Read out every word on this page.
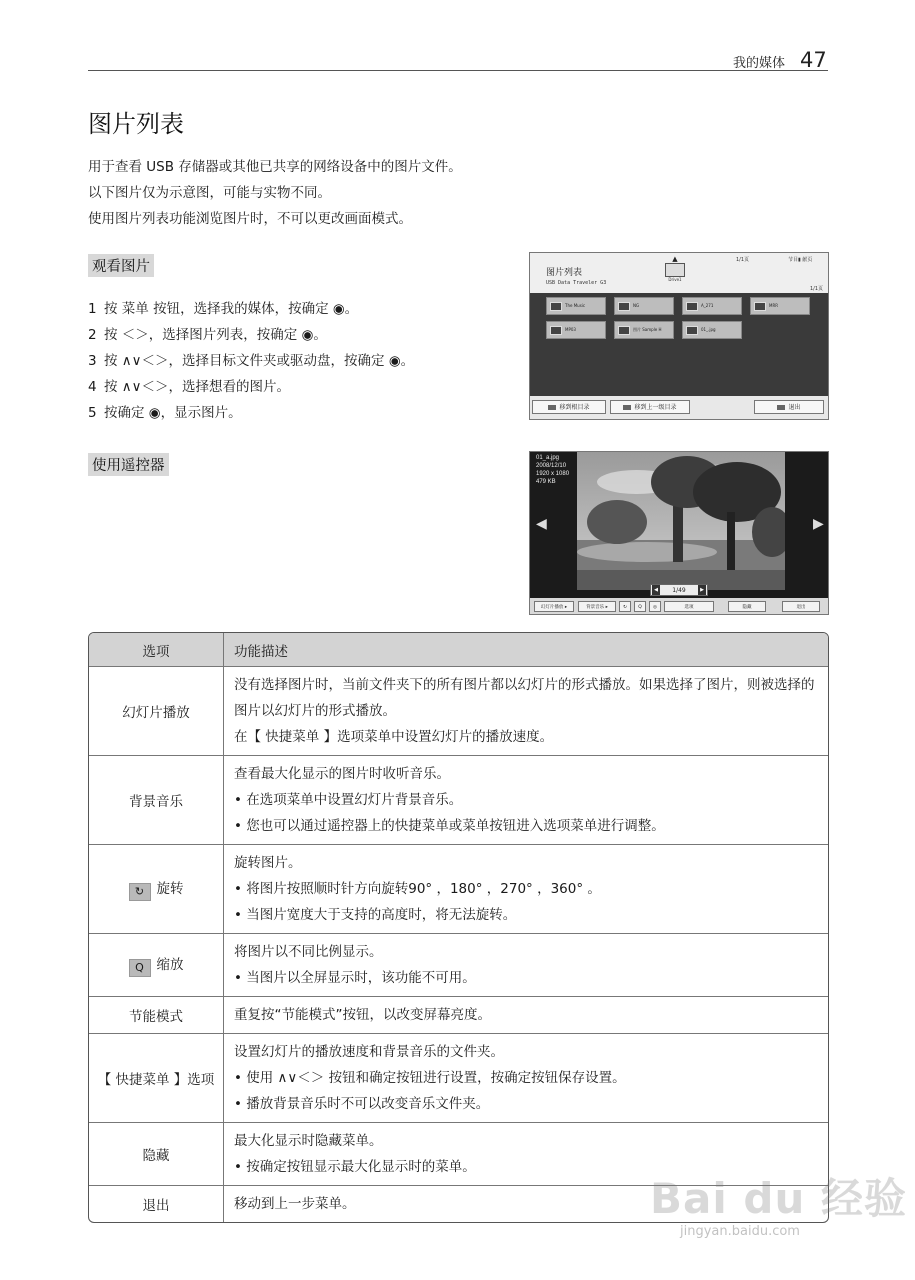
我的媒体 47
图片列表
用于查看 USB 存储器或其他已共享的网络设备中的图片文件。
以下图片仅为示意图，可能与实物不同。
使用图片列表功能浏览图片时，不可以更改画面模式。
观看图片
1 按 菜单 按钮，选择我的媒体，按确定 ◉。
2 按 ＜＞，选择图片列表，按确定 ◉。
3 按 ∧∨＜＞，选择目标文件夹或驱动盘，按确定 ◉。
4 按 ∧∨＜＞，选择想看的图片。
5 按确定 ◉，显示图片。
使用遥控器
图片列表
USB Data Traveler G3
1/1页	节目▮ 献页
1/1页
▲
Drive1
The Music	NG	A_271	MRR
MP03	图片 Sample H	01_.jpg
移到根目录	移到上一级目录	退出
01_a.jpg
2008/12/10
1920 x 1080
479 KB
◀	▶
◀	1/49	▶
幻灯片播放 ▸	背景音乐 ▸	↻	Q	◎	选项	隐藏	退出
选项	功能描述
幻灯片播放	没有选择图片时，当前文件夹下的所有图片都以幻灯片的形式播放。如果选择了图片，则被选择的图片以幻灯片的形式播放。
在【 快捷菜单 】选项菜单中设置幻灯片的播放速度。

背景音乐	查看最大化显示的图片时收听音乐。
• 在选项菜单中设置幻灯片背景音乐。
• 您也可以通过遥控器上的快捷菜单或菜单按钮进入选项菜单进行调整。

↻ 旋转	旋转图片。
• 将图片按照顺时针方向旋转90° ，180° ，270° ，360° 。
• 当图片宽度大于支持的高度时，将无法旋转。

Q 缩放	将图片以不同比例显示。
• 当图片以全屏显示时，该功能不可用。

节能模式	重复按“节能模式”按钮，以改变屏幕亮度。

【 快捷菜单 】选项	设置幻灯片的播放速度和背景音乐的文件夹。
• 使用 ∧∨＜＞ 按钮和确定按钮进行设置，按确定按钮保存设置。
• 播放背景音乐时不可以改变音乐文件夹。

隐藏	最大化显示时隐藏菜单。
• 按确定按钮显示最大化显示时的菜单。

退出	移动到上一步菜单。	Bai du 经验
jingyan.baidu.com
